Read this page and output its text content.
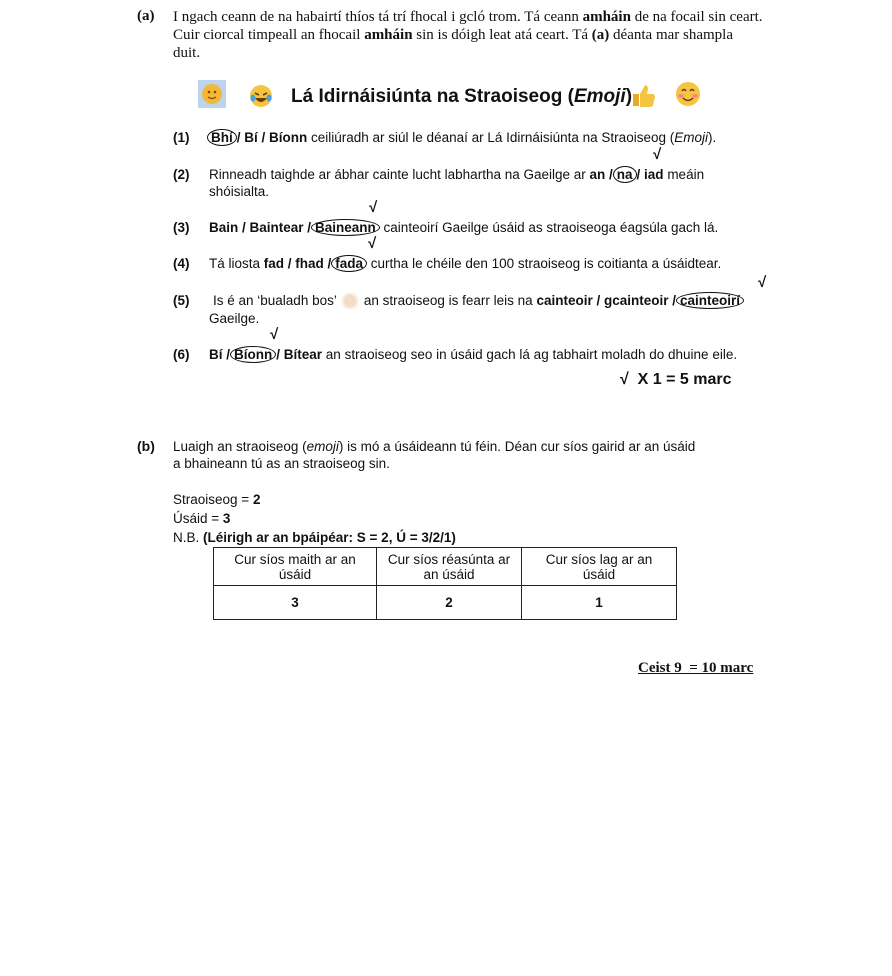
(a) I ngach ceann de na habairtí thíos tá trí fhocal i gcló trom. Tá ceann amháin de na focail sin ceart. Cuir ciorcal timpeall an fhocail amháin sin is dóigh leat atá ceart. Tá (a) déanta mar shampla duit.
Lá Idirnáisiúnta na Straoiseog (Emoji)
(1) Bhí / Bí / Bíonn ceiliúradh ar siúl le déanaí ar Lá Idirnáisiúnta na Straoiseog (Emoji).
√
(2) Rinneadh taighde ar ábhar cainte lucht labhartha na Gaeilge ar an / na / iad meáin shóisialta.
√
(3) Bain / Baintear / Baineann cainteoirí Gaeilge úsáid as straoiseoga éagsúla gach lá.
√
(4) Tá liosta fad / fhad / fada curtha le chéile den 100 straoiseog is coitianta a úsáidtear.
√
(5) Is é an ‘bualadh bos’  an straoiseog is fearr leis na cainteoir / gcainteoir / cainteoirí
Gaeilge.
√
(6) Bí / Bíonn / Bítear an straoiseog seo in úsáid gach lá ag tabhairt moladh do dhuine eile.
√  X 1 = 5 marc
(b) Luaigh an straoiseog (emoji) is mó a úsáideann tú féin. Déan cur síos gairid ar an úsáid
a bhaineann tú as an straoiseog sin.
Straoiseog = 2
Úsáid = 3
N.B. (Léirigh ar an bpáipéar: S = 2, Ú = 3/2/1)
Cur síos maith ar an úsáid	Cur síos réasúnta ar an úsáid	Cur síos lag ar an úsáid
3	2	1
Ceist 9  = 10 marc
